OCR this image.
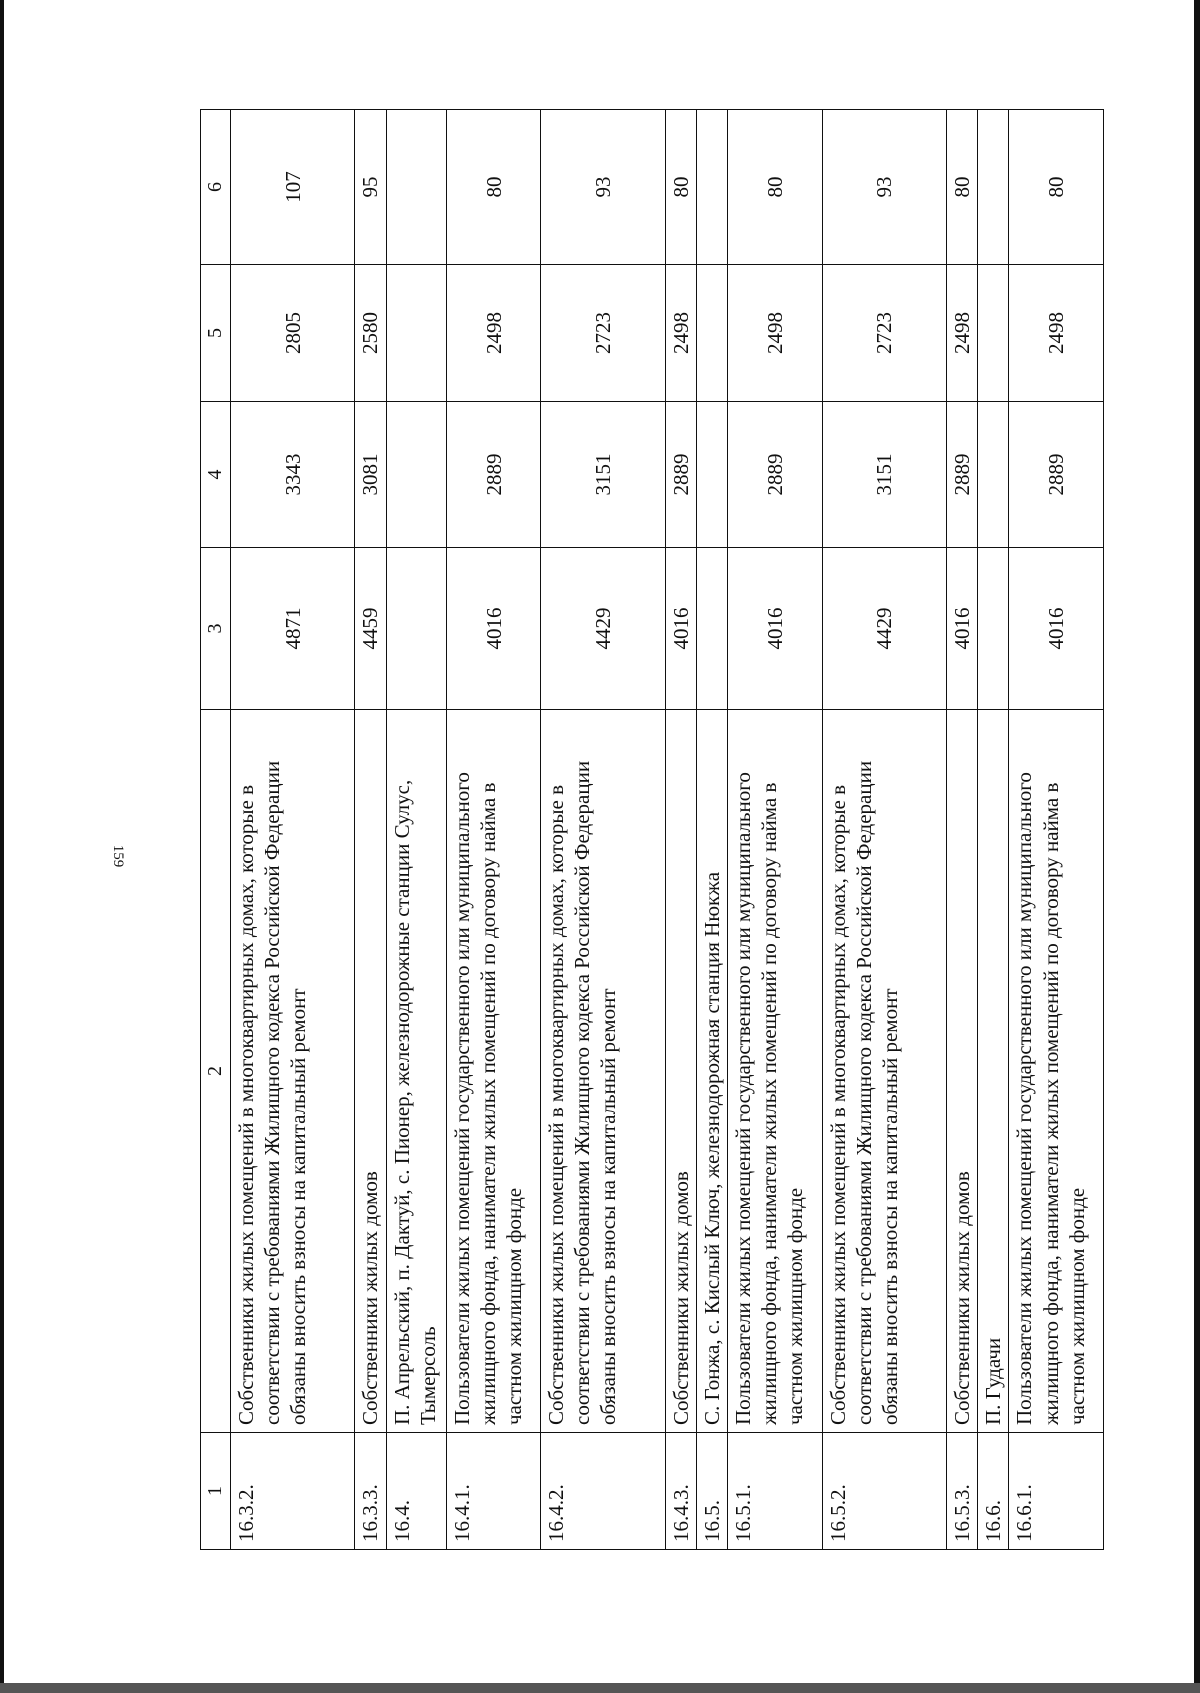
159
1	2	3	4	5	6
16.3.2.	Собственники жилых помещений в многоквартирных домах, которые в соответствии с требованиями Жилищного кодекса Российской Федерации обязаны вносить взносы на капитальный ремонт	4871	3343	2805	107
16.3.3.	Собственники жилых домов	4459	3081	2580	95
16.4.	П. Апрельский, п. Дактуй, с. Пионер, железнодорожные станции Сулус, Тымерсоль				
16.4.1.	Пользователи жилых помещений государственного или муниципального жилищного фонда, наниматели жилых помещений по договору найма в частном жилищном фонде	4016	2889	2498	80
16.4.2.	Собственники жилых помещений в многоквартирных домах, которые в соответствии с требованиями Жилищного кодекса Российской Федерации обязаны вносить взносы на капитальный ремонт	4429	3151	2723	93
16.4.3.	Собственники жилых домов	4016	2889	2498	80
16.5.	С. Гонжа, с. Кислый Ключ, железнодорожная станция Нюкжа				
16.5.1.	Пользователи жилых помещений государственного или муниципального жилищного фонда, наниматели жилых помещений по договору найма в частном жилищном фонде	4016	2889	2498	80
16.5.2.	Собственники жилых помещений в многоквартирных домах, которые в соответствии с требованиями Жилищного кодекса Российской Федерации обязаны вносить взносы на капитальный ремонт	4429	3151	2723	93
16.5.3.	Собственники жилых домов	4016	2889	2498	80
16.6.	П. Гудачи				
16.6.1.	Пользователи жилых помещений государственного или муниципального жилищного фонда, наниматели жилых помещений по договору найма в частном жилищном фонде	4016	2889	2498	80
